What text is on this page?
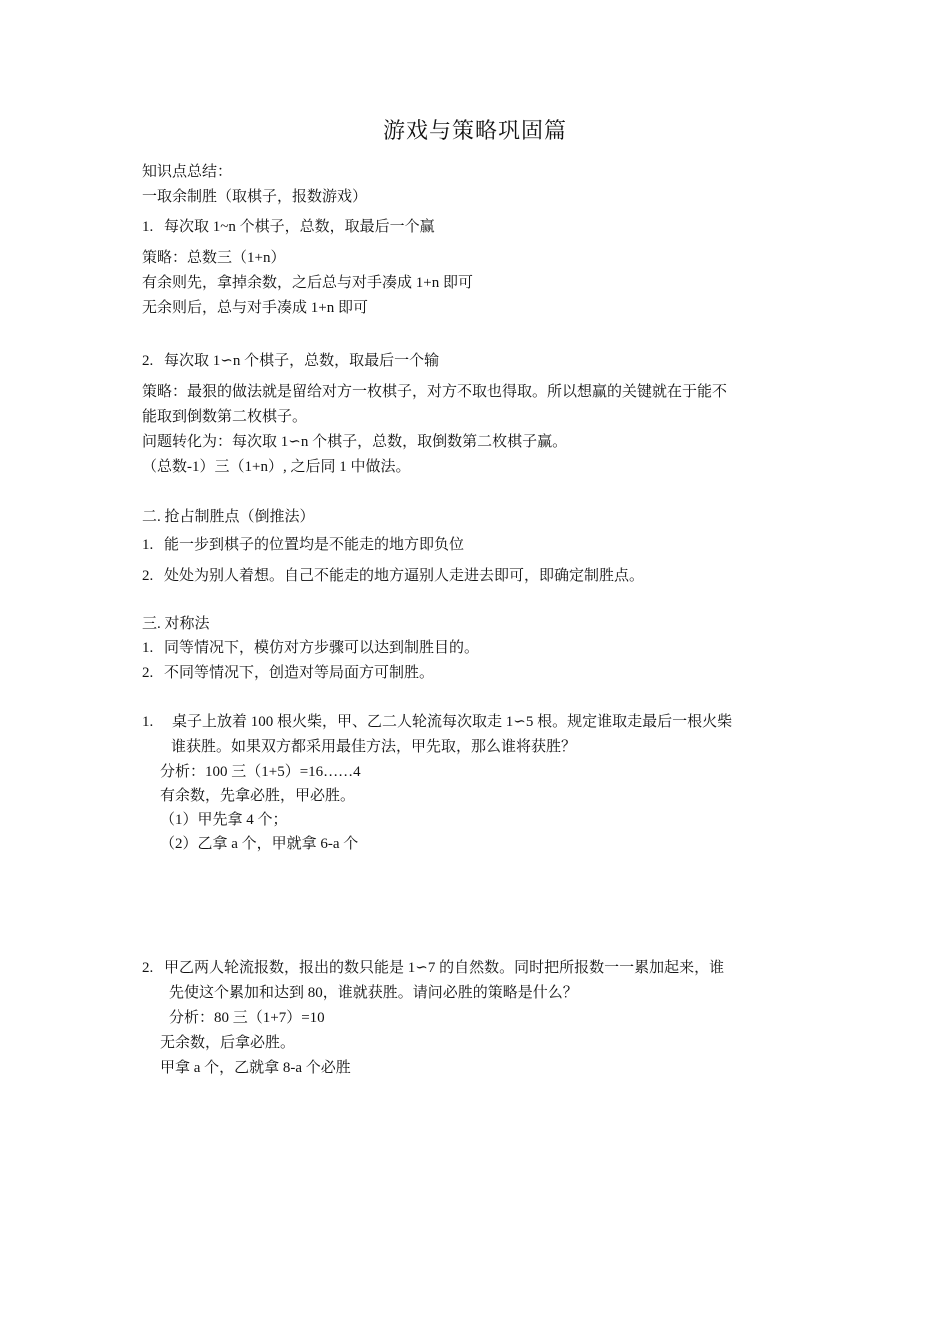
游戏与策略巩固篇
知识点总结：
一取余制胜（取棋子，报数游戏）
1. 每次取 1~n 个棋子，总数，取最后一个赢
策略：总数三（1+n）
有余则先，拿掉余数，之后总与对手凑成 1+n 即可
无余则后，总与对手凑成 1+n 即可
2. 每次取 1∽n 个棋子，总数，取最后一个输
策略：最狠的做法就是留给对方一枚棋子，对方不取也得取。所以想赢的关键就在于能不
能取到倒数第二枚棋子。
问题转化为：每次取 1∽n 个棋子，总数，取倒数第二枚棋子赢。
（总数-1）三（1+n）, 之后同 1 中做法。
二. 抢占制胜点（倒推法）
1. 能一步到棋子的位置均是不能走的地方即负位
2. 处处为别人着想。自己不能走的地方逼别人走进去即可，即确定制胜点。
三. 对称法
1. 同等情况下，模仿对方步骤可以达到制胜目的。
2. 不同等情况下，创造对等局面方可制胜。
1. 桌子上放着 100 根火柴，甲、乙二人轮流每次取走 1∽5 根。规定谁取走最后一根火柴
谁获胜。如果双方都采用最佳方法，甲先取，那么谁将获胜？
分析：100 三（1+5）=16……4
有余数，先拿必胜，甲必胜。
（1）甲先拿 4 个；
（2）乙拿 a 个，甲就拿 6-a 个
2. 甲乙两人轮流报数，报出的数只能是 1∽7 的自然数。同时把所报数一一累加起来，谁
先使这个累加和达到 80，谁就获胜。请问必胜的策略是什么？
分析：80 三（1+7）=10
无余数，后拿必胜。
甲拿 a 个，乙就拿 8-a 个必胜
